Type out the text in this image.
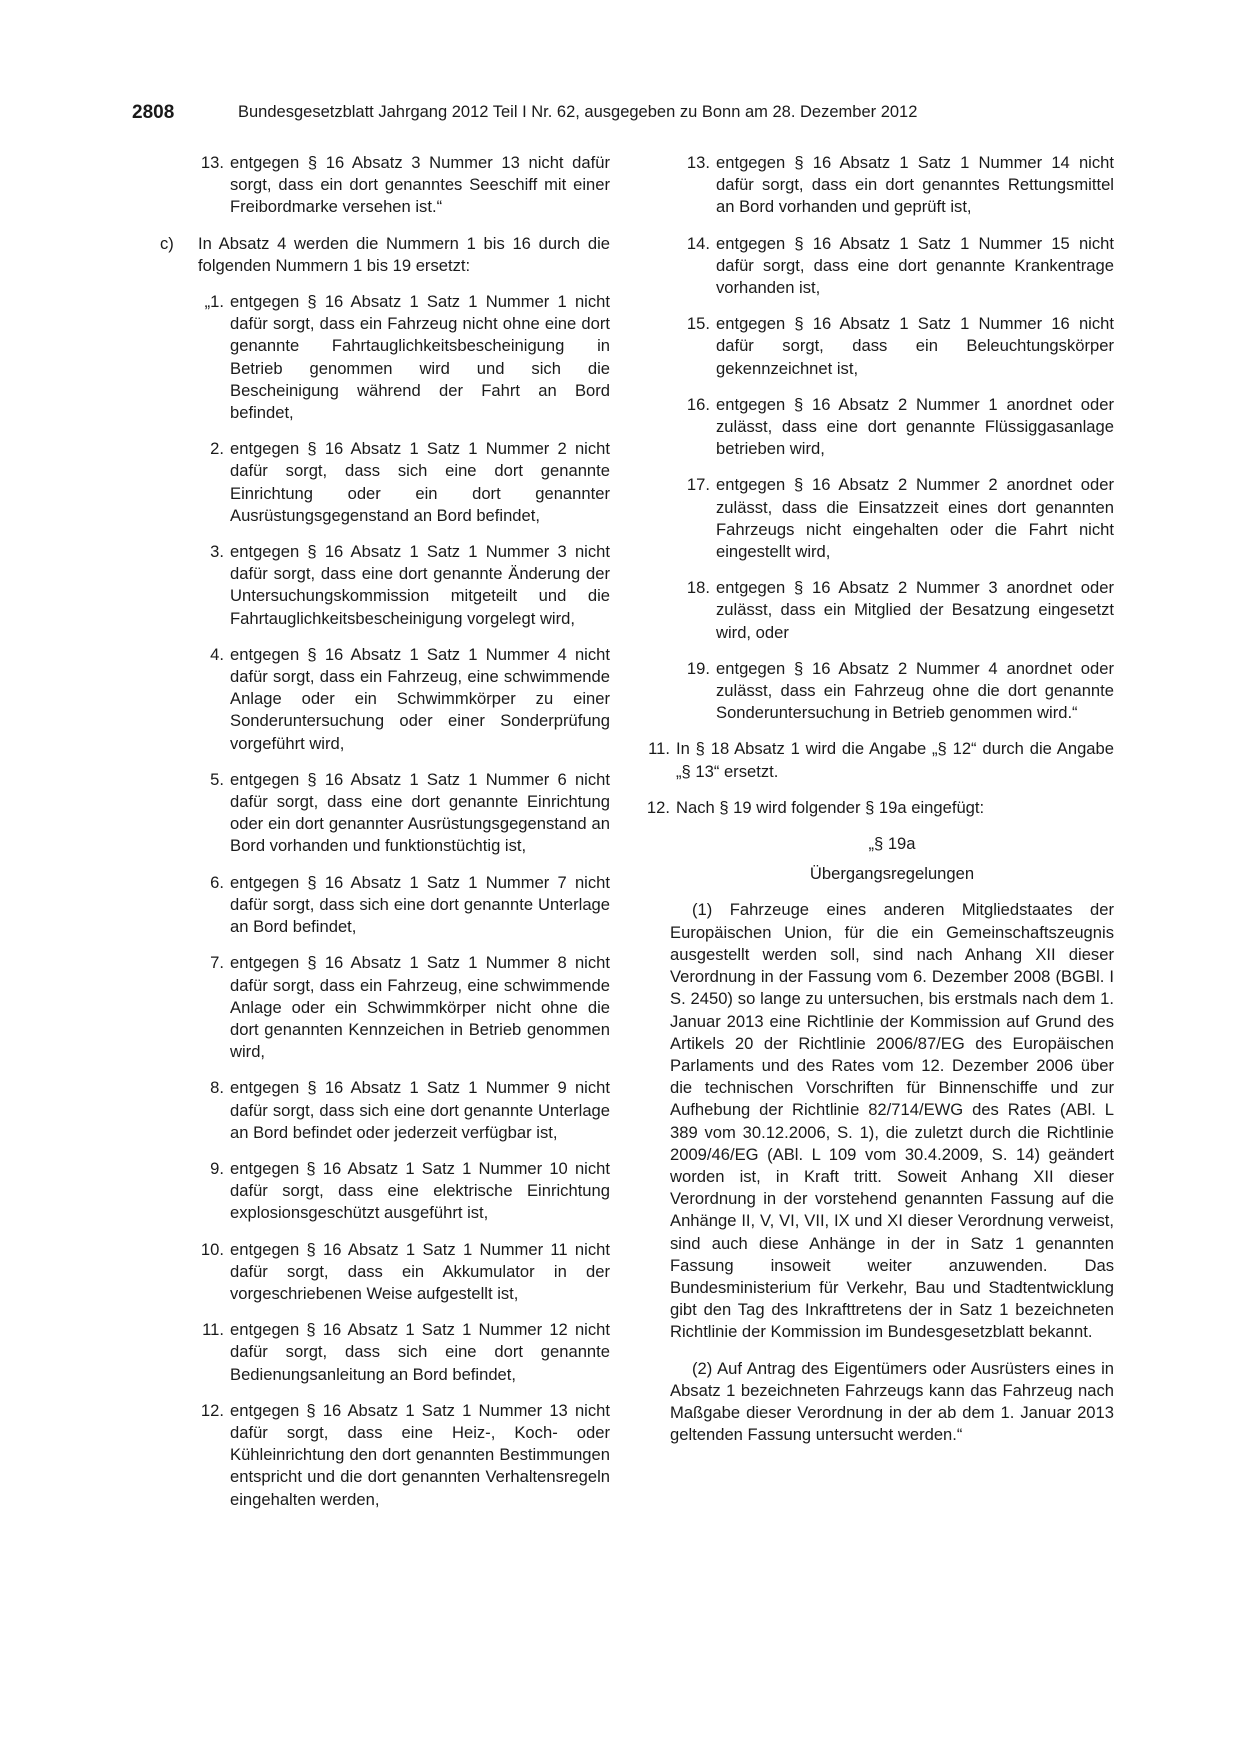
2808	Bundesgesetzblatt Jahrgang 2012 Teil I Nr. 62, ausgegeben zu Bonn am 28. Dezember 2012
13. entgegen § 16 Absatz 3 Nummer 13 nicht dafür sorgt, dass ein dort genanntes Seeschiff mit einer Freibordmarke versehen ist.“
c)	In Absatz 4 werden die Nummern 1 bis 16 durch die folgenden Nummern 1 bis 19 ersetzt:
„1. entgegen § 16 Absatz 1 Satz 1 Nummer 1 nicht dafür sorgt, dass ein Fahrzeug nicht ohne eine dort genannte Fahrtauglichkeitsbescheinigung in Betrieb genommen wird und sich die Bescheinigung während der Fahrt an Bord befindet,
2. entgegen § 16 Absatz 1 Satz 1 Nummer 2 nicht dafür sorgt, dass sich eine dort genannte Einrichtung oder ein dort genannter Ausrüstungsgegenstand an Bord befindet,
3. entgegen § 16 Absatz 1 Satz 1 Nummer 3 nicht dafür sorgt, dass eine dort genannte Änderung der Untersuchungskommission mitgeteilt und die Fahrtauglichkeitsbescheinigung vorgelegt wird,
4. entgegen § 16 Absatz 1 Satz 1 Nummer 4 nicht dafür sorgt, dass ein Fahrzeug, eine schwimmende Anlage oder ein Schwimmkörper zu einer Sonderuntersuchung oder einer Sonderprüfung vorgeführt wird,
5. entgegen § 16 Absatz 1 Satz 1 Nummer 6 nicht dafür sorgt, dass eine dort genannte Einrichtung oder ein dort genannter Ausrüstungsgegenstand an Bord vorhanden und funktionstüchtig ist,
6. entgegen § 16 Absatz 1 Satz 1 Nummer 7 nicht dafür sorgt, dass sich eine dort genannte Unterlage an Bord befindet,
7. entgegen § 16 Absatz 1 Satz 1 Nummer 8 nicht dafür sorgt, dass ein Fahrzeug, eine schwimmende Anlage oder ein Schwimmkörper nicht ohne die dort genannten Kennzeichen in Betrieb genommen wird,
8. entgegen § 16 Absatz 1 Satz 1 Nummer 9 nicht dafür sorgt, dass sich eine dort genannte Unterlage an Bord befindet oder jederzeit verfügbar ist,
9. entgegen § 16 Absatz 1 Satz 1 Nummer 10 nicht dafür sorgt, dass eine elektrische Einrichtung explosionsgeschützt ausgeführt ist,
10. entgegen § 16 Absatz 1 Satz 1 Nummer 11 nicht dafür sorgt, dass ein Akkumulator in der vorgeschriebenen Weise aufgestellt ist,
11. entgegen § 16 Absatz 1 Satz 1 Nummer 12 nicht dafür sorgt, dass sich eine dort genannte Bedienungsanleitung an Bord befindet,
12. entgegen § 16 Absatz 1 Satz 1 Nummer 13 nicht dafür sorgt, dass eine Heiz-, Koch- oder Kühleinrichtung den dort genannten Bestimmungen entspricht und die dort genannten Verhaltensregeln eingehalten werden,
13. entgegen § 16 Absatz 1 Satz 1 Nummer 14 nicht dafür sorgt, dass ein dort genanntes Rettungsmittel an Bord vorhanden und geprüft ist,
14. entgegen § 16 Absatz 1 Satz 1 Nummer 15 nicht dafür sorgt, dass eine dort genannte Krankentrage vorhanden ist,
15. entgegen § 16 Absatz 1 Satz 1 Nummer 16 nicht dafür sorgt, dass ein Beleuchtungskörper gekennzeichnet ist,
16. entgegen § 16 Absatz 2 Nummer 1 anordnet oder zulässt, dass eine dort genannte Flüssiggasanlage betrieben wird,
17. entgegen § 16 Absatz 2 Nummer 2 anordnet oder zulässt, dass die Einsatzzeit eines dort genannten Fahrzeugs nicht eingehalten oder die Fahrt nicht eingestellt wird,
18. entgegen § 16 Absatz 2 Nummer 3 anordnet oder zulässt, dass ein Mitglied der Besatzung eingesetzt wird, oder
19. entgegen § 16 Absatz 2 Nummer 4 anordnet oder zulässt, dass ein Fahrzeug ohne die dort genannte Sonderuntersuchung in Betrieb genommen wird.“
11. In § 18 Absatz 1 wird die Angabe „§ 12“ durch die Angabe „§ 13“ ersetzt.
12. Nach § 19 wird folgender § 19a eingefügt:
„§ 19a
Übergangsregelungen
(1) Fahrzeuge eines anderen Mitgliedstaates der Europäischen Union, für die ein Gemeinschaftszeugnis ausgestellt werden soll, sind nach Anhang XII dieser Verordnung in der Fassung vom 6. Dezember 2008 (BGBl. I S. 2450) so lange zu untersuchen, bis erstmals nach dem 1. Januar 2013 eine Richtlinie der Kommission auf Grund des Artikels 20 der Richtlinie 2006/87/EG des Europäischen Parlaments und des Rates vom 12. Dezember 2006 über die technischen Vorschriften für Binnenschiffe und zur Aufhebung der Richtlinie 82/714/EWG des Rates (ABl. L 389 vom 30.12.2006, S. 1), die zuletzt durch die Richtlinie 2009/46/EG (ABl. L 109 vom 30.4.2009, S. 14) geändert worden ist, in Kraft tritt. Soweit Anhang XII dieser Verordnung in der vorstehend genannten Fassung auf die Anhänge II, V, VI, VII, IX und XI dieser Verordnung verweist, sind auch diese Anhänge in der in Satz 1 genannten Fassung insoweit weiter anzuwenden. Das Bundesministerium für Verkehr, Bau und Stadtentwicklung gibt den Tag des Inkrafttretens der in Satz 1 bezeichneten Richtlinie der Kommission im Bundesgesetzblatt bekannt.
(2) Auf Antrag des Eigentümers oder Ausrüsters eines in Absatz 1 bezeichneten Fahrzeugs kann das Fahrzeug nach Maßgabe dieser Verordnung in der ab dem 1. Januar 2013 geltenden Fassung untersucht werden.“
